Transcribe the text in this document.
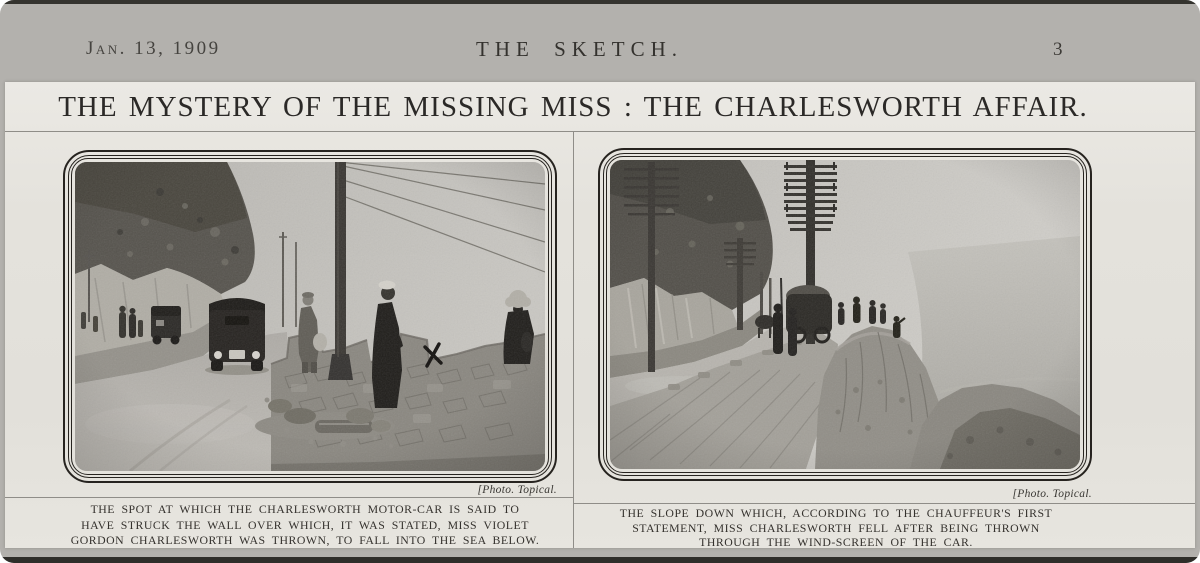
Jan. 13, 1909	THE SKETCH.	3
THE MYSTERY OF THE MISSING MISS : THE CHARLESWORTH AFFAIR.
[Photo. Topical.	[Photo. Topical.
THE SPOT AT WHICH THE CHARLESWORTH MOTOR-CAR IS SAID TO
HAVE STRUCK THE WALL OVER WHICH, IT WAS STATED, MISS VIOLET
GORDON CHARLESWORTH WAS THROWN, TO FALL INTO THE SEA BELOW.
THE SLOPE DOWN WHICH, ACCORDING TO THE CHAUFFEUR'S FIRST
STATEMENT, MISS CHARLESWORTH FELL AFTER BEING THROWN
THROUGH THE WIND-SCREEN OF THE CAR.
